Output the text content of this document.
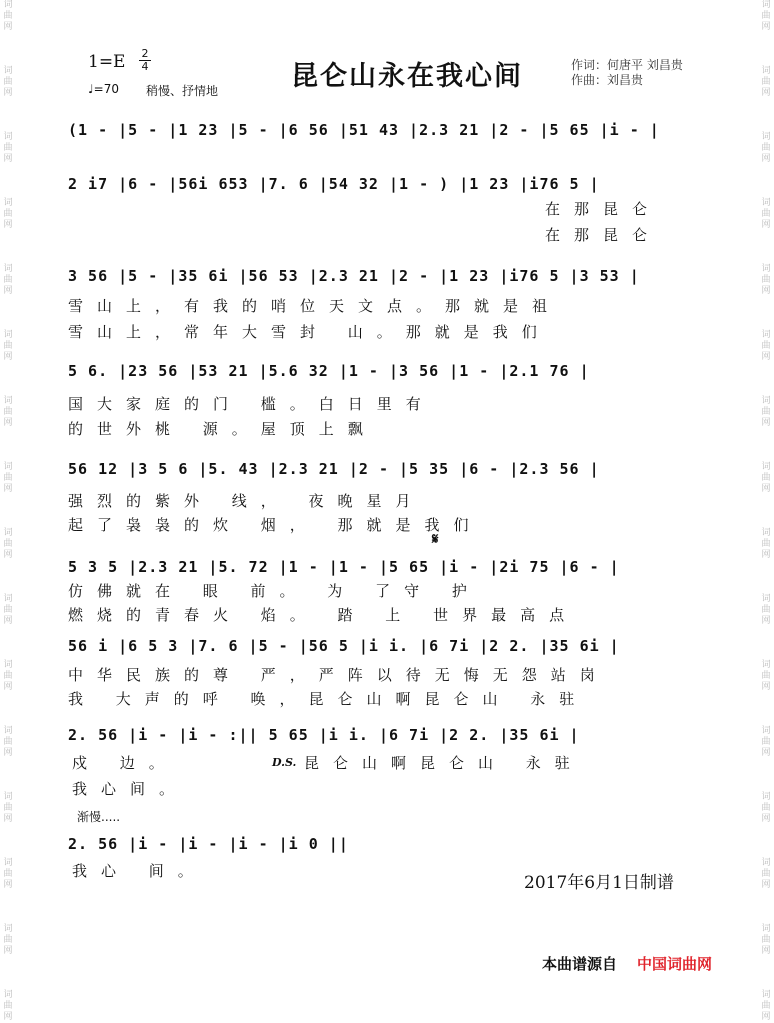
词
曲
网

词
曲
网

词
曲
网

词
曲
网

词
曲
网

词
曲
网

词
曲
网

词
曲
网

词
曲
网

词
曲
网

词
曲
网

词
曲
网

词
曲
网

词
曲
网

词
曲
网

词
曲
网
词
曲
网

词
曲
网

词
曲
网

词
曲
网

词
曲
网

词
曲
网

词
曲
网

词
曲
网

词
曲
网

词
曲
网

词
曲
网

词
曲
网

词
曲
网

词
曲
网

词
曲
网

词
曲
网
$1=E \frac{2}{4}$
♩=70 稍慢、抒情地	昆仑山永在我心间	作词：何唐平 刘昌贵
作曲：刘昌贵
(1 - |5 - |1 23 |5 - |6 56 |51 43 |2.3 21 |2 - |5 65 |i - |
2 i7 |6 - |56i 653 |7. 6 |54 32 |1 - ) |1 23 |i76 5 |
在那昆仑
在那昆仑
3 56 |5 - |35 6i |56 53 |2.3 21 |2 - |1 23 |i76 5 |3 53 |
雪山上，有我的哨位天文点。那就是祖
雪山上，常年大雪封 山。那就是我们
5 6. |23 56 |53 21 |5.6 32 |1 - |3 56 |1 - |2.1 76 |
国大家庭的门 槛。白日里有
的世外桃 源。屋顶上飘
56 12 |3 5 6 |5. 43 |2.3 21 |2 - |5 35 |6 - |2.3 56 |
强烈的紫外 线， 夜晚星月
起了袅袅的炊 烟， 那就是我们
𝄋
5 3 5 |2.3 21 |5. 72 |1 - |1 - |5 65 |i - |2i 75 |6 - |
仿佛就在 眼 前。 为 了守 护
燃烧的青春火 焰。 踏 上 世界最高点
56 i |6 5 3 |7. 6 |5 - |56 5 |i i. |6 7i |2 2. |35 6i |
中华民族的尊 严，严阵以待无悔无怨站岗
我 大声的呼 唤，昆仑山啊昆仑山 永驻
2. 56 |i - |i - :|| 5 65 |i i. |6 7i |2 2. |35 6i |
戍 边。	D.S. 昆仑山啊昆仑山 永驻
我心间。
渐慢.....
2. 56 |i - |i - |i - |i 0 ||
我心 间。
2017年6月1日制谱
本曲谱源自 中国词曲网
